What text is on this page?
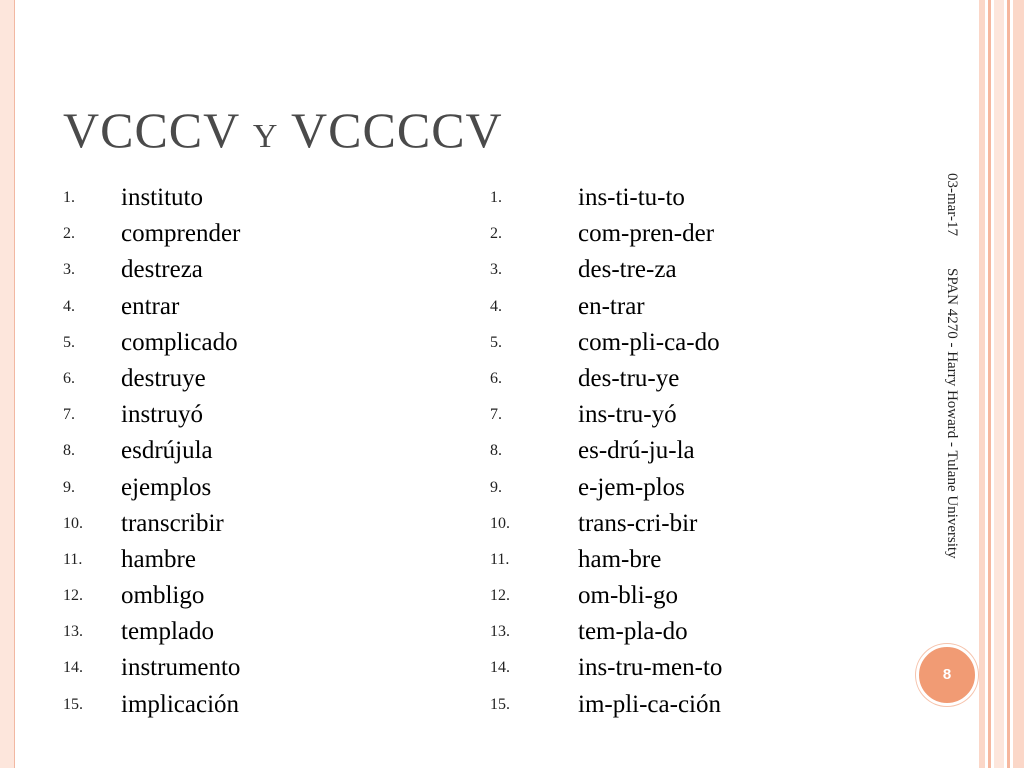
VCCCV Y VCCCCV
1. instituto
2. comprender
3. destreza
4. entrar
5. complicado
6. destruye
7. instruyó
8. esdrújula
9. ejemplos
10. transcribir
11. hambre
12. ombligo
13. templado
14. instrumento
15. implicación
1.	ins-ti-tu-to
2.	com-pren-der
3.	des-tre-za
4.	en-trar
5.	com-pli-ca-do
6.	des-tru-ye
7.	ins-tru-yó
8.	es-drú-ju-la
9.	e-jem-plos
10.	trans-cri-bir
11.	ham-bre
12.	om-bli-go
13.	tem-pla-do
14.	ins-tru-men-to
15.	im-pli-ca-ción
03-mar-17
SPAN 4270 - Harry Howard - Tulane University
8
